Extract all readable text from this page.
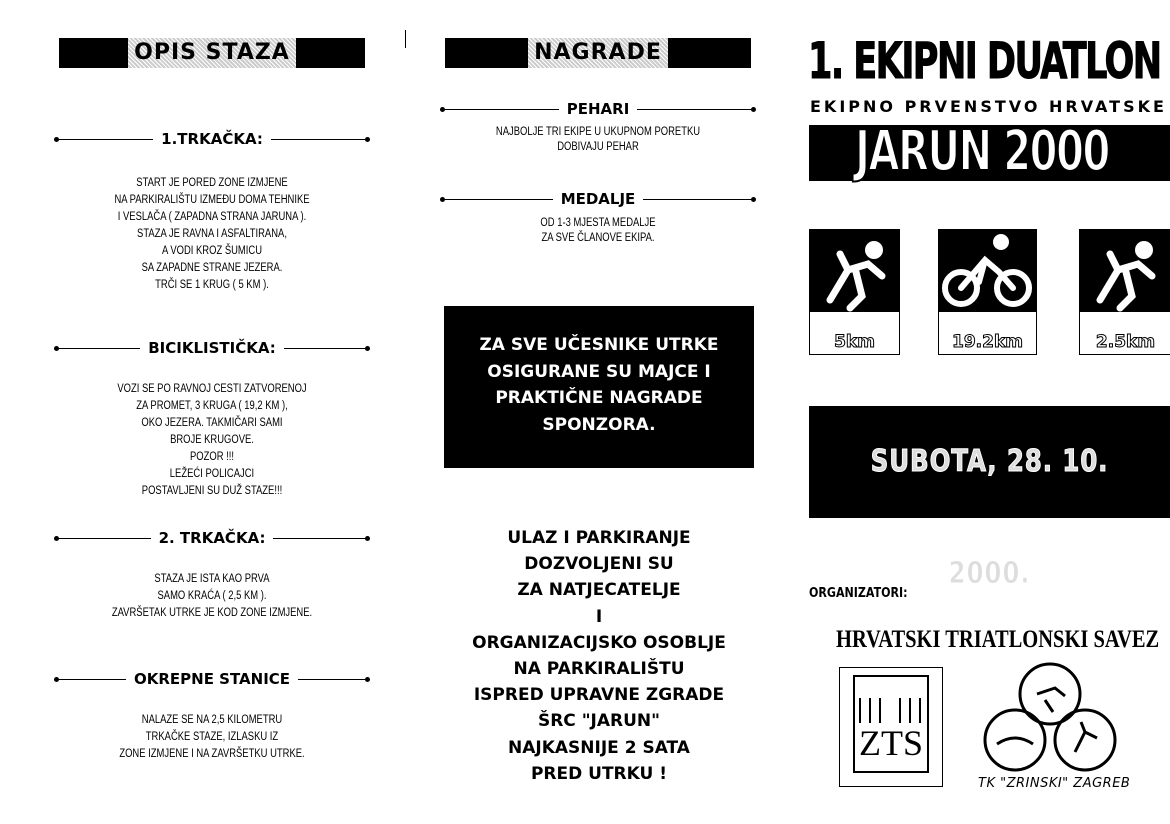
OPIS STAZA
1.TRKAČKA:
START JE PORED ZONE IZMJENE
NA PARKIRALIŠTU IZMEĐU DOMA TEHNIKE
I VESLAČA ( ZAPADNA STRANA JARUNA ).
STAZA JE RAVNA I ASFALTIRANA,
A VODI KROZ ŠUMICU
SA ZAPADNE STRANE JEZERA.
TRČI SE 1 KRUG ( 5 KM ).
BICIKLISTIČKA:
VOZI SE PO RAVNOJ CESTI ZATVORENOJ
ZA PROMET, 3 KRUGA ( 19,2 KM ),
OKO JEZERA. TAKMIČARI SAMI
BROJE KRUGOVE.
POZOR !!!
LEŽEĆI POLICAJCI
POSTAVLJENI SU DUŽ STAZE!!!
2. TRKAČKA:
STAZA JE ISTA KAO PRVA
SAMO KRAĆA ( 2,5 KM ).
ZAVRŠETAK UTRKE JE KOD ZONE IZMJENE.
OKREPNE STANICE
NALAZE SE NA 2,5 KILOMETRU
TRKAČKE STAZE, IZLASKU IZ
ZONE IZMJENE I NA ZAVRŠETKU UTRKE.
NAGRADE
PEHARI
NAJBOLJE TRI EKIPE U UKUPNOM PORETKU
DOBIVAJU PEHAR
MEDALJE
OD 1-3 MJESTA MEDALJE
ZA SVE ČLANOVE EKIPA.
ZA SVE UČESNIKE UTRKE
OSIGURANE SU MAJCE I
PRAKTIČNE NAGRADE
SPONZORA.
ULAZ I PARKIRANJE
DOZVOLJENI SU
ZA NATJECATELJE
I
ORGANIZACIJSKO OSOBLJE
NA PARKIRALIŠTU
ISPRED UPRAVNE ZGRADE
ŠRC "JARUN"
NAJKASNIJE 2 SATA
PRED UTRKU !
1. EKIPNI DUATLON
EKIPNO PRVENSTVO HRVATSKE
JARUN 2000
5km	19.2km	2.5km
SUBOTA, 28. 10. 2000.
ORGANIZATORI:
HRVATSKI TRIATLONSKI SAVEZ
ZTS
TK "ZRINSKI" ZAGREB
